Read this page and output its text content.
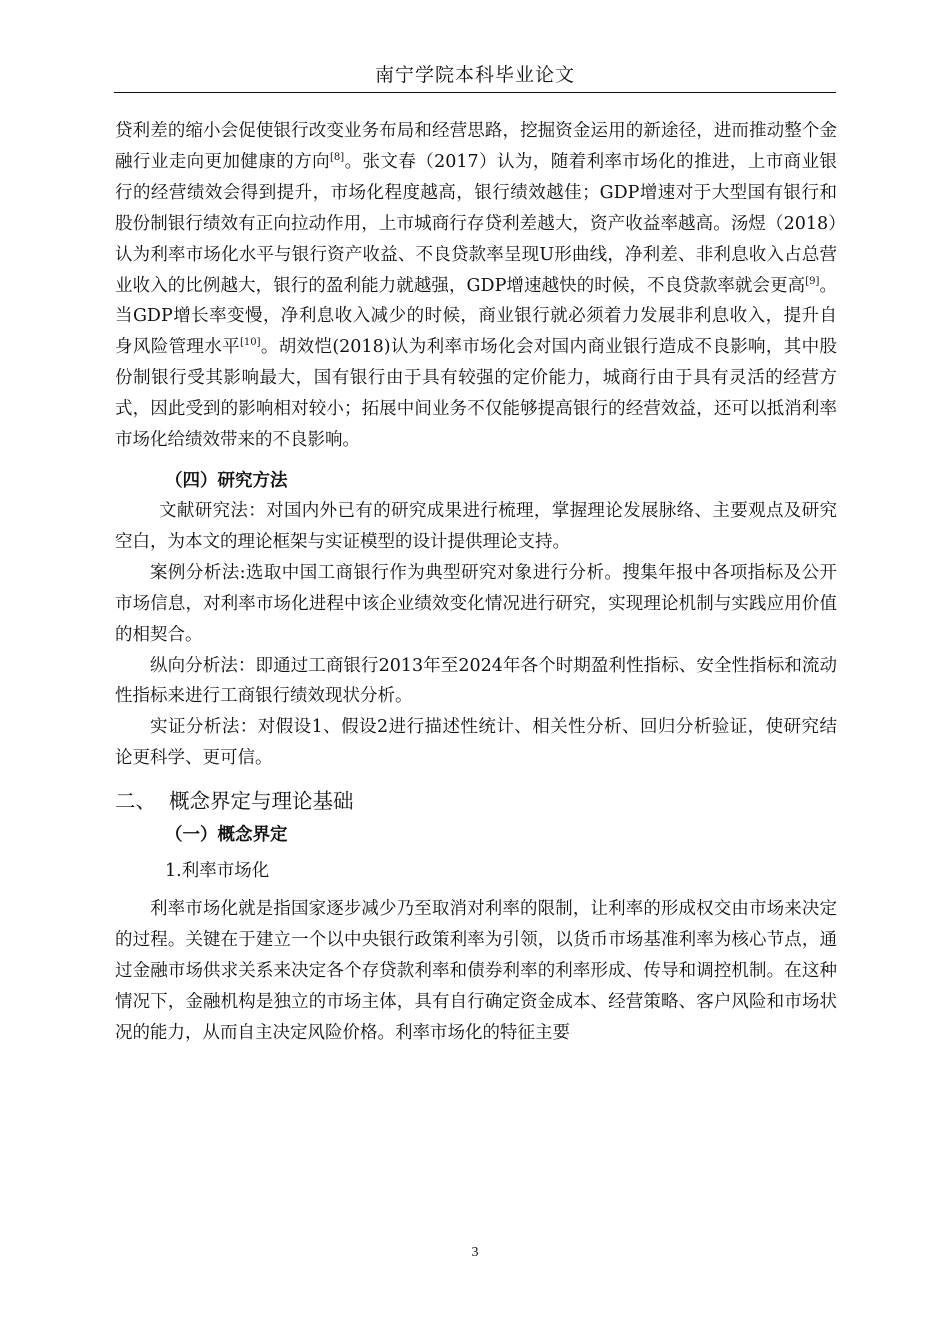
南宁学院本科毕业论文

贷利差的缩小会促使银行改变业务布局和经营思路，挖掘资金运用的新途径，进而推动整个金融行业走向更加健康的方向[8]。张文春（2017）认为，随着利率市场化的推进，上市商业银行的经营绩效会得到提升，市场化程度越高，银行绩效越佳；GDP增速对于大型国有银行和股份制银行绩效有正向拉动作用，上市城商行存贷利差越大，资产收益率越高。汤煜（2018）认为利率市场化水平与银行资产收益、不良贷款率呈现U形曲线，净利差、非利息收入占总营业收入的比例越大，银行的盈利能力就越强，GDP增速越快的时候，不良贷款率就会更高[9]。当GDP增长率变慢，净利息收入减少的时候，商业银行就必须着力发展非利息收入，提升自身风险管理水平[10]。胡效恺(2018)认为利率市场化会对国内商业银行造成不良影响，其中股份制银行受其影响最大，国有银行由于具有较强的定价能力，城商行由于具有灵活的经营方式，因此受到的影响相对较小；拓展中间业务不仅能够提高银行的经营效益，还可以抵消利率市场化给绩效带来的不良影响。

（四）研究方法

文献研究法：对国内外已有的研究成果进行梳理，掌握理论发展脉络、主要观点及研究空白，为本文的理论框架与实证模型的设计提供理论支持。

案例分析法:选取中国工商银行作为典型研究对象进行分析。搜集年报中各项指标及公开市场信息，对利率市场化进程中该企业绩效变化情况进行研究，实现理论机制与实践应用价值的相契合。

纵向分析法：即通过工商银行2013年至2024年各个时期盈利性指标、安全性指标和流动性指标来进行工商银行绩效现状分析。

实证分析法：对假设1、假设2进行描述性统计、相关性分析、回归分析验证，使研究结论更科学、更可信。

二、  概念界定与理论基础
（一）概念界定
1.利率市场化

利率市场化就是指国家逐步减少乃至取消对利率的限制，让利率的形成权交由市场来决定的过程。关键在于建立一个以中央银行政策利率为引领，以货币市场基准利率为核心节点，通过金融市场供求关系来决定各个存贷款利率和债券利率的利率形成、传导和调控机制。在这种情况下，金融机构是独立的市场主体，具有自行确定资金成本、经营策略、客户风险和市场状况的能力，从而自主决定风险价格。利率市场化的特征主要

3
